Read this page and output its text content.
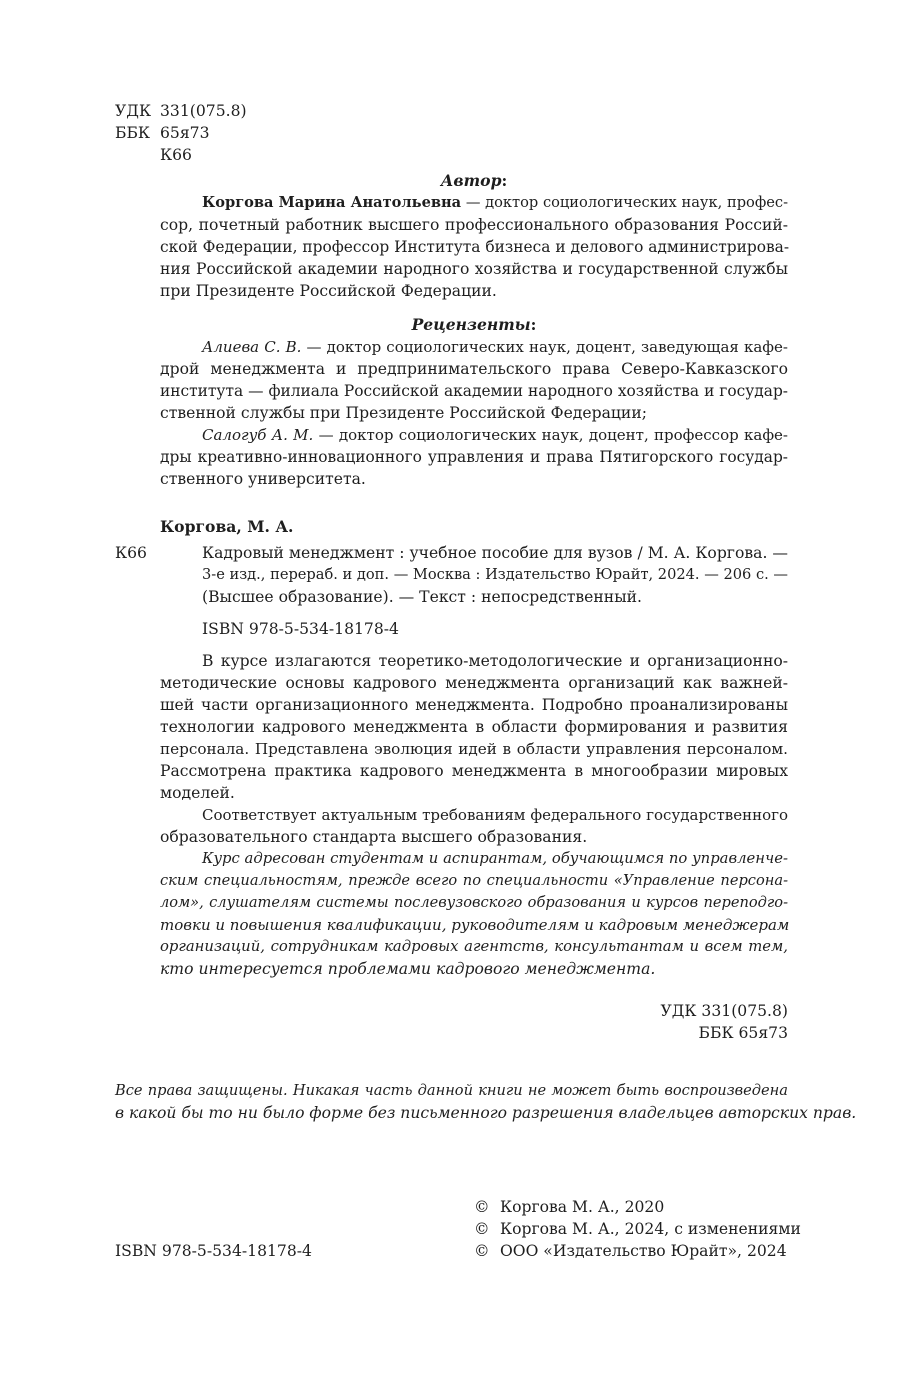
УДК 331(075.8)
ББК 65я73
К66
Автор:
Коргова Марина Анатольевна — доктор социологических наук, профес-
сор, почетный работник высшего профессионального образования Россий-
ской Федерации, профессор Института бизнеса и делового администрирова-
ния Российской академии народного хозяйства и государственной службы
при Президенте Российской Федерации.
Рецензенты:
Алиева С. В. — доктор социологических наук, доцент, заведующая кафе-
дрой менеджмента и предпринимательского права Северо-Кавказского
института — филиала Российской академии народного хозяйства и государ-
ственной службы при Президенте Российской Федерации;
Салогуб А. М. — доктор социологических наук, доцент, профессор кафе-
дры креативно-инновационного управления и права Пятигорского государ-
ственного университета.
Коргова, М. А.
К66	Кадровый менеджмент : учебное пособие для вузов / М. А. Коргова. —
3-е изд., перераб. и доп. — Москва : Издательство Юрайт, 2024. — 206 с. —
(Высшее образование). — Текст : непосредственный.
ISBN 978-5-534-18178-4
В курсе излагаются теоретико-методологические и организационно-
методические основы кадрового менеджмента организаций как важней-
шей части организационного менеджмента. Подробно проанализированы
технологии кадрового менеджмента в области формирования и развития
персонала. Представлена эволюция идей в области управления персоналом.
Рассмотрена практика кадрового менеджмента в многообразии мировых
моделей.
Соответствует актуальным требованиям федерального государственного
образовательного стандарта высшего образования.
Курс адресован студентам и аспирантам, обучающимся по управленче-
ским специальностям, прежде всего по специальности «Управление персона-
лом», слушателям системы послевузовского образования и курсов переподго-
товки и повышения квалификации, руководителям и кадровым менеджерам
организаций, сотрудникам кадровых агентств, консультантам и всем тем,
кто интересуется проблемами кадрового менеджмента.
УДК 331(075.8)
ББК 65я73
Все права защищены. Никакая часть данной книги не может быть воспроизведена
в какой бы то ни было форме без письменного разрешения владельцев авторских прав.
© Коргова М. А., 2020
© Коргова М. А., 2024, с изменениями
© ООО «Издательство Юрайт», 2024
ISBN 978-5-534-18178-4
